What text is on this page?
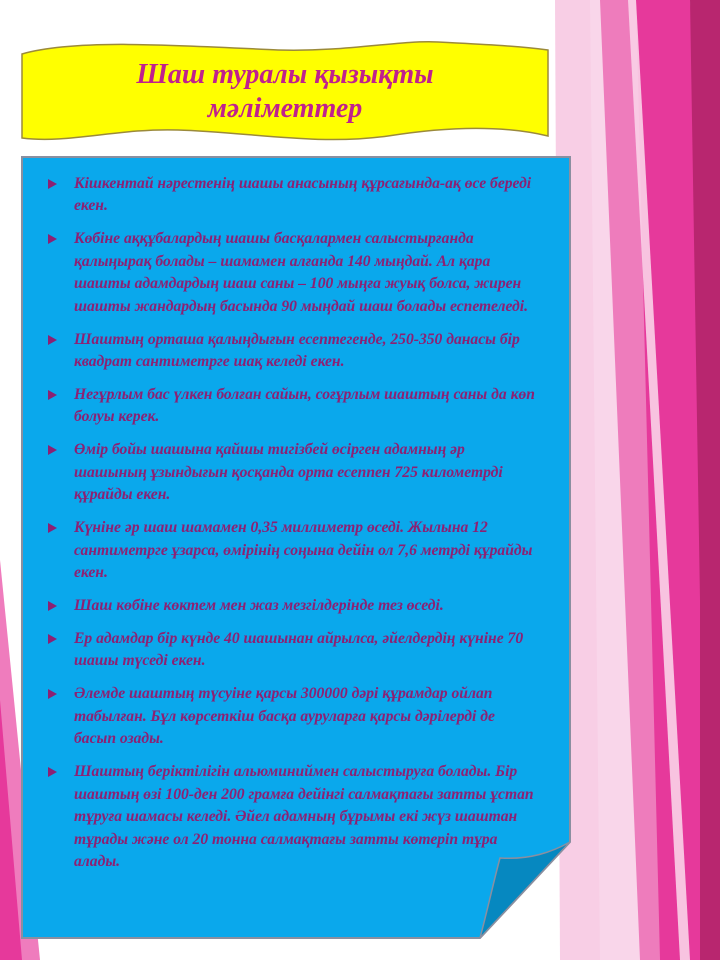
Шаш туралы қызықты
мәліметтер
Кішкентай нәрестенің шашы анасының құрсағында-ақ өсе береді екен.
Көбіне аққұбалардың шашы басқалармен салыстырғанда қалыңырақ болады – шамамен алғанда 140 мыңдай. Ал қара шашты адамдардың шаш саны – 100 мыңға жуық болса, жирен шашты жандардың басында 90 мыңдай шаш болады еспетеледі.
Шаштың орташа қалыңдығын есептегенде, 250-350 данасы бір квадрат сантиметрге шақ келеді екен.
Негұрлым бас үлкен болған сайын, соғұрлым шаштың саны да көп болуы керек.
Өмір бойы шашына қайшы тигізбей өсірген адамның әр шашының ұзындығын қосқанда орта есеппен 725 километрді құрайды екен.
Күніне әр шаш шамамен 0,35 миллиметр өседі. Жылына 12 сантиметрге ұзарса, өмірінің соңына дейін ол 7,6 метрді құрайды екен.
Шаш көбіне көктем мен жаз мезгілдерінде тез өседі.
Ер адамдар бір күнде 40 шашынан айрылса, әйелдердің күніне 70 шашы түседі екен.
Әлемде шаштың түсуіне қарсы 300000 дәрі құрамдар ойлап табылған. Бұл көрсеткіш басқа ауруларға қарсы дәрілерді де басып озады.
Шаштың беріктілігін альюминиймен салыстыруға болады. Бір шаштың өзі 100-ден 200 грамға дейінгі салмақтағы затты ұстап тұруға шамасы келеді. Әйел адамның бұрымы екі жүз шаштан тұрады және ол 20 тонна салмақтағы затты көтеріп тұра алады.
